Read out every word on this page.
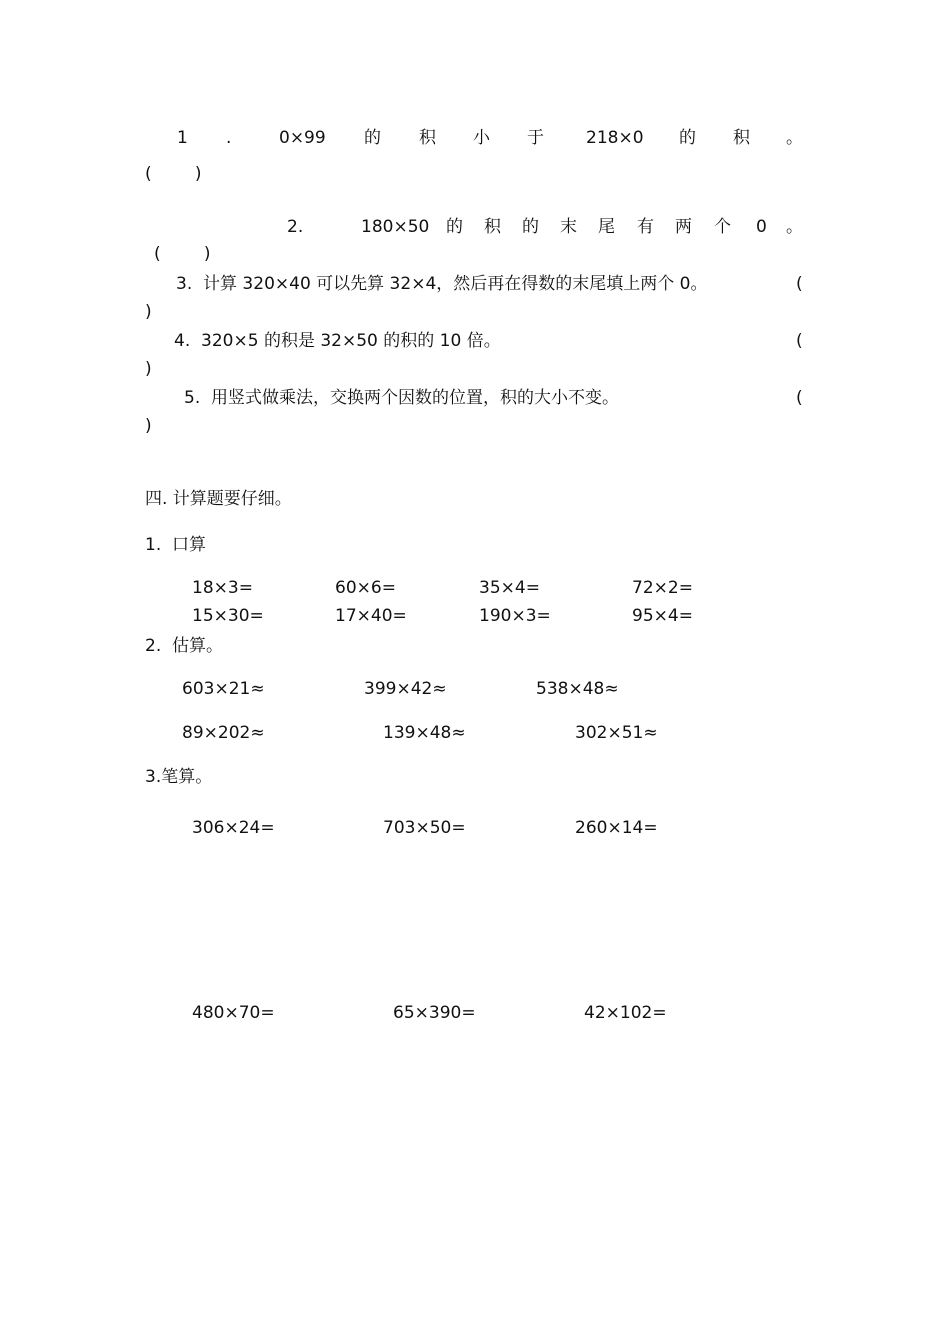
1 .	0×99 的 积 小 于 218×0 的 积 。
(        )
2.	180×50 的 积 的 末 尾 有 两 个 0 。
(        )
3.  计算 320×40 可以先算 32×4，然后再在得数的末尾填上两个 0。	(
)
4.  320×5 的积是 32×50 的积的 10 倍。	(
)
5.  用竖式做乘法，交换两个因数的位置，积的大小不变。	(
)
四. 计算题要仔细。
1.  口算
18×3=	60×6=	35×4=	72×2=
15×30=	17×40=	190×3=	95×4=
2.  估算。
603×21≈	399×42≈	538×48≈
89×202≈	139×48≈	302×51≈
3.笔算。
306×24=	703×50=	260×14=
480×70=	65×390=	42×102=
